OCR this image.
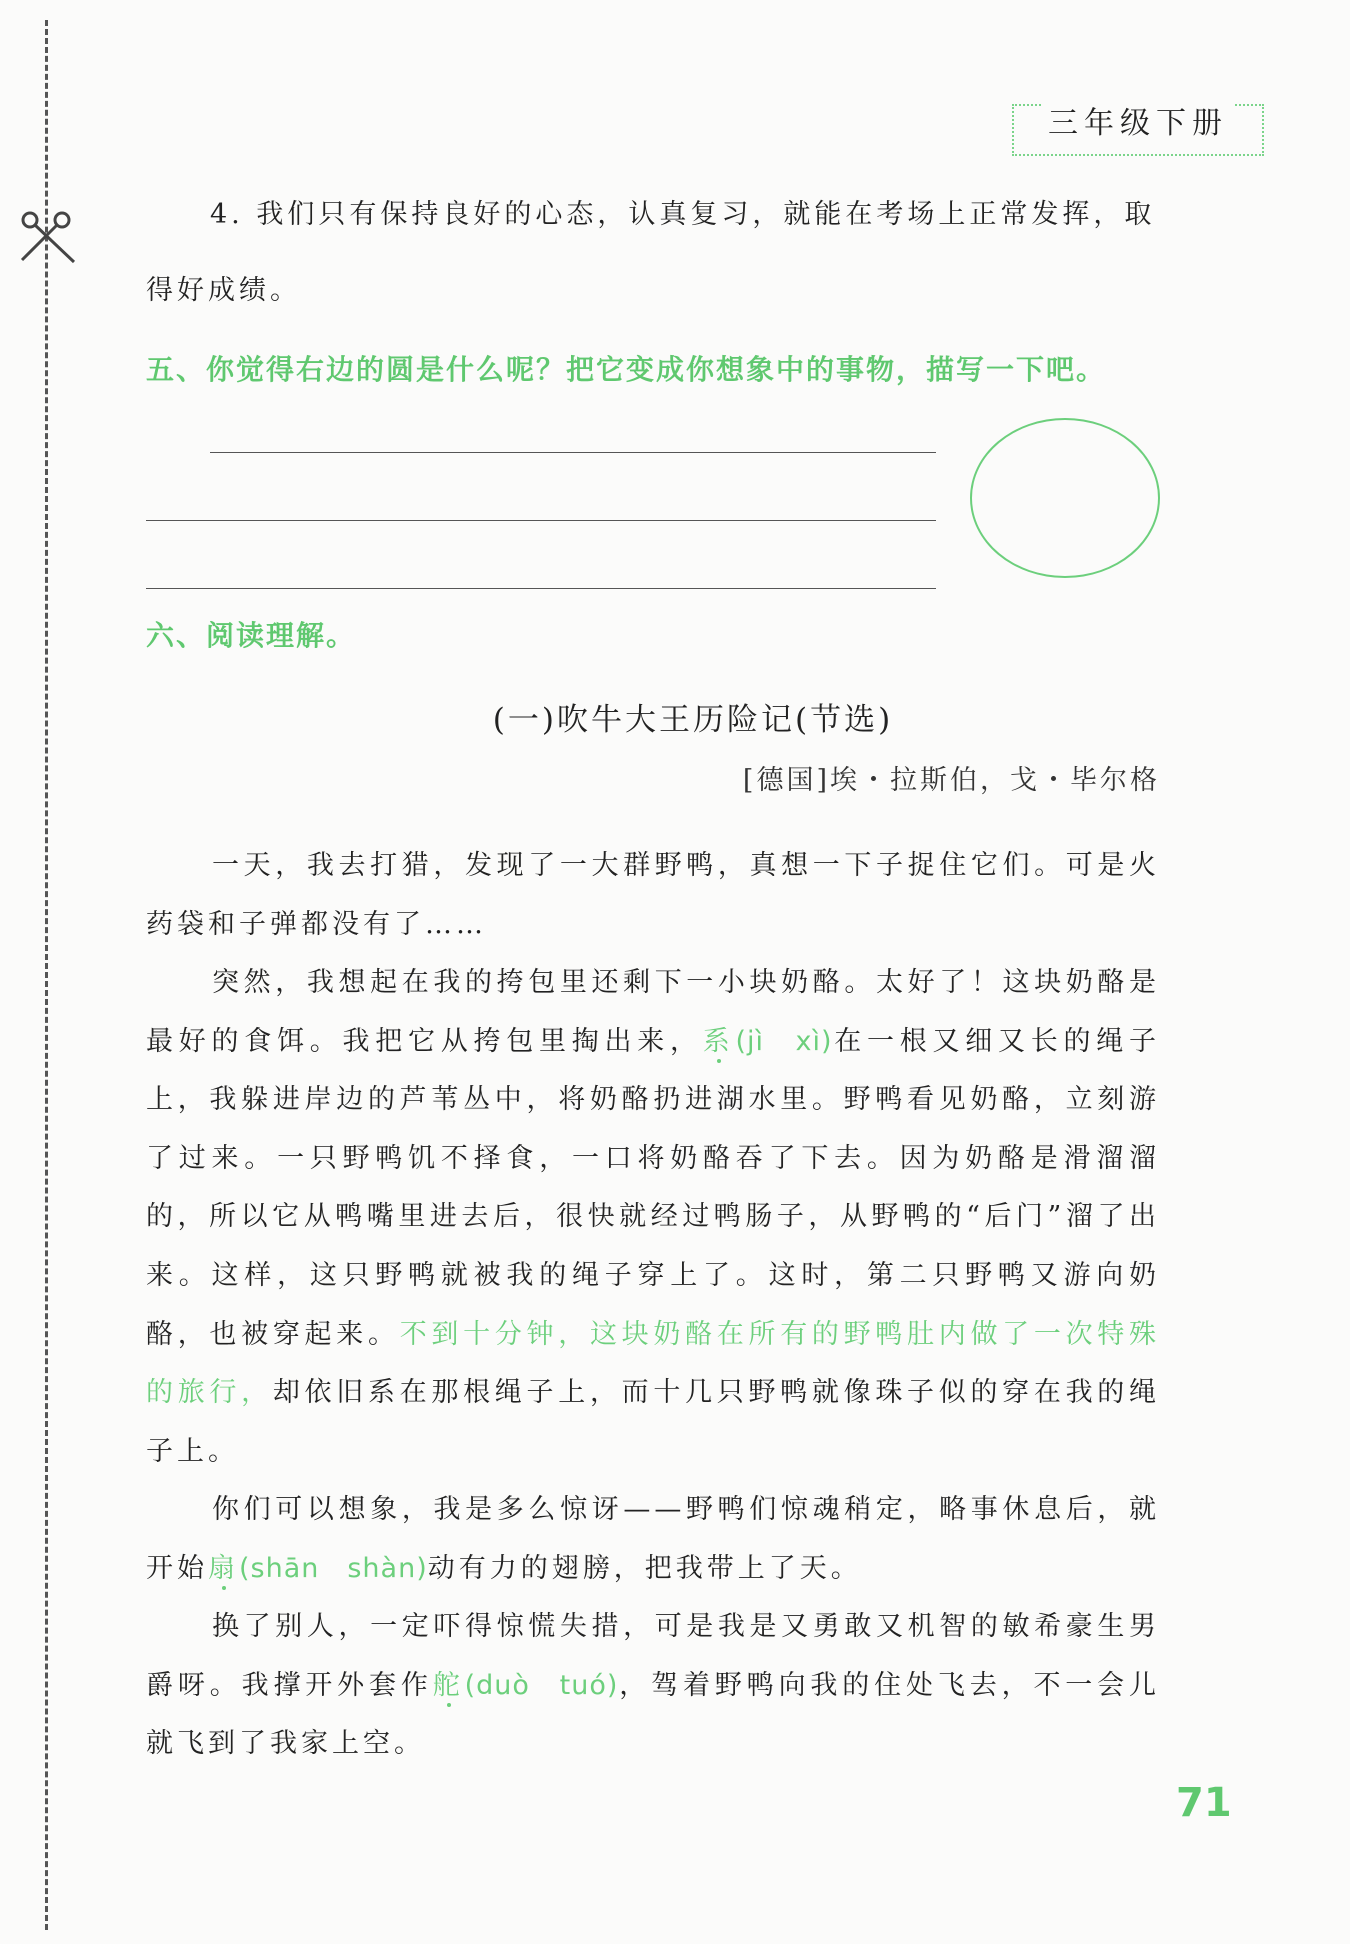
三年级下册
4. 我们只有保持良好的心态，认真复习，就能在考场上正常发挥，取
得好成绩。
五、你觉得右边的圆是什么呢？把它变成你想象中的事物，描写一下吧。
六、阅读理解。
(一)吹牛大王历险记(节选)
[德国]埃・拉斯伯，戈・毕尔格
一天，我去打猎，发现了一大群野鸭，真想一下子捉住它们。可是火药袋和子弹都没有了……
突然，我想起在我的挎包里还剩下一小块奶酪。太好了！这块奶酪是最好的食饵。我把它从挎包里掏出来，系(jì　xì)在一根又细又长的绳子上，我躲进岸边的芦苇丛中，将奶酪扔进湖水里。野鸭看见奶酪，立刻游了过来。一只野鸭饥不择食，一口将奶酪吞了下去。因为奶酪是滑溜溜的，所以它从鸭嘴里进去后，很快就经过鸭肠子，从野鸭的“后门”溜了出来。这样，这只野鸭就被我的绳子穿上了。这时，第二只野鸭又游向奶酪，也被穿起来。不到十分钟，这块奶酪在所有的野鸭肚内做了一次特殊的旅行，却依旧系在那根绳子上，而十几只野鸭就像珠子似的穿在我的绳子上。
你们可以想象，我是多么惊讶——野鸭们惊魂稍定，略事休息后，就开始扇(shān　shàn)动有力的翅膀，把我带上了天。
换了别人，一定吓得惊慌失措，可是我是又勇敢又机智的敏希豪生男爵呀。我撑开外套作舵(duò　tuó)，驾着野鸭向我的住处飞去，不一会儿就飞到了我家上空。
71
